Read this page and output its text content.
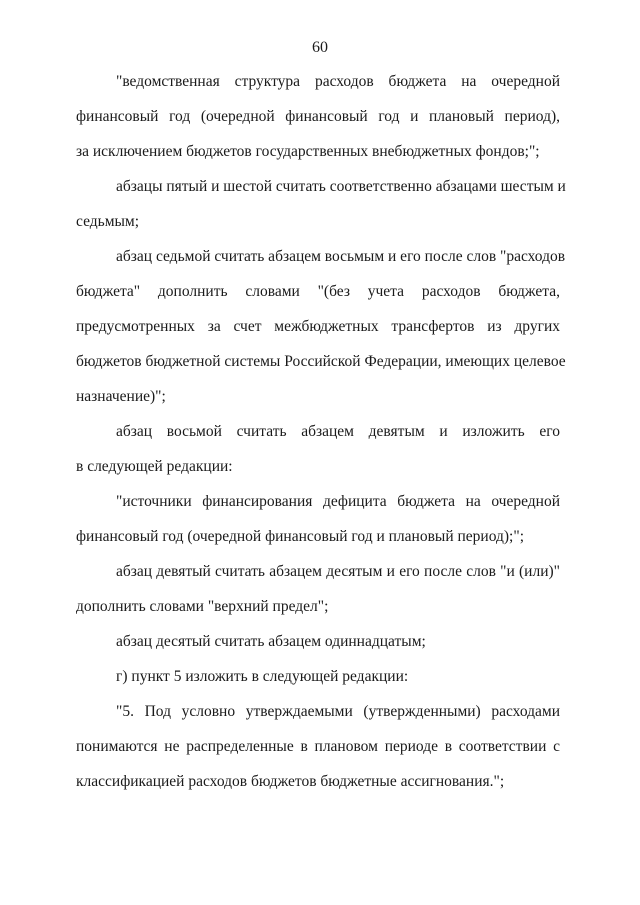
60
"ведомственная структура расходов бюджета на очередной
финансовый год (очередной финансовый год и плановый период),
за исключением бюджетов государственных внебюджетных фондов;";
абзацы пятый и шестой считать соответственно абзацами шестым и
седьмым;
абзац седьмой считать абзацем восьмым и его после слов "расходов
бюджета" дополнить словами "(без учета расходов бюджета,
предусмотренных за счет межбюджетных трансфертов из других
бюджетов бюджетной системы Российской Федерации, имеющих целевое
назначение)";
абзац восьмой считать абзацем девятым и изложить его
в следующей редакции:
"источники финансирования дефицита бюджета на очередной
финансовый год (очередной финансовый год и плановый период);";
абзац девятый считать абзацем десятым и его после слов "и (или)"
дополнить словами "верхний предел";
абзац десятый считать абзацем одиннадцатым;
г) пункт 5 изложить в следующей редакции:
"5. Под условно утверждаемыми (утвержденными) расходами
понимаются не распределенные в плановом периоде в соответствии с
классификацией расходов бюджетов бюджетные ассигнования.";
